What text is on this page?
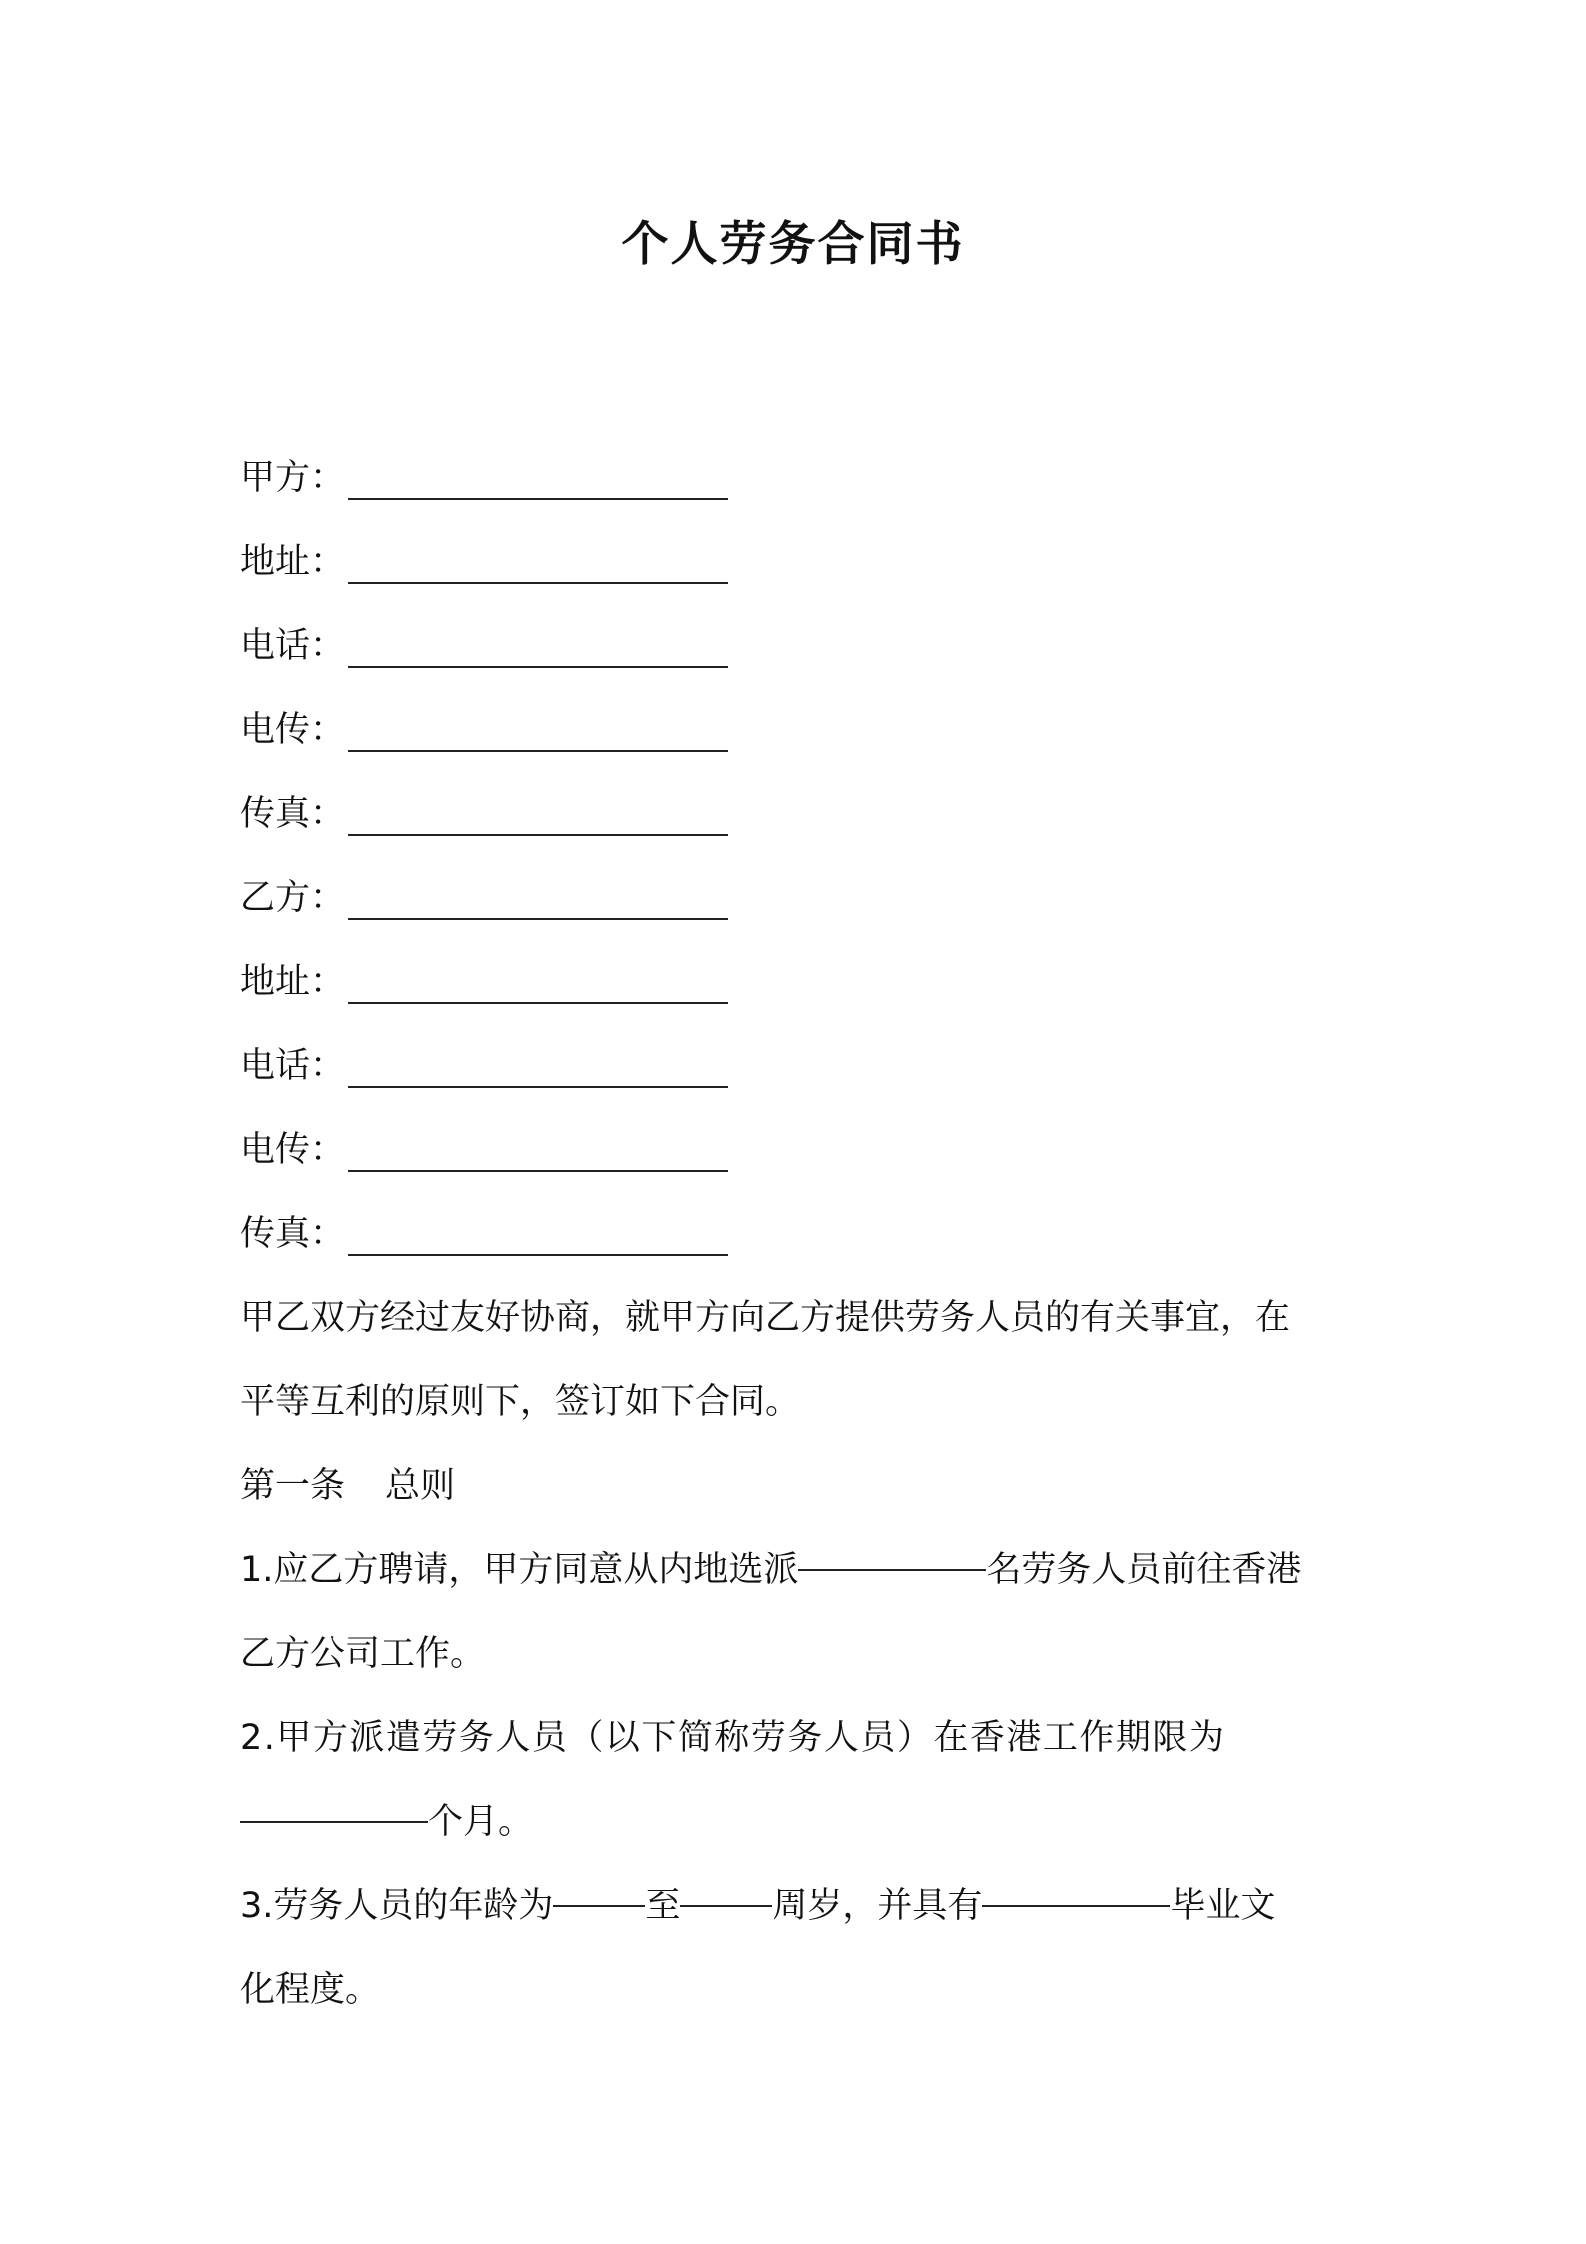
个人劳务合同书
甲方 ：
地址 ：
电话 ：
电传 ：
传真 ：
乙方 ：
地址 ：
电话 ：
电传 ：
传真 ：
甲乙双方经过友好协商，就甲方向乙方提供劳务人员的有关事宜，在
平等互利的原则下，签订如下合同。
第一条 总则
1.应乙方聘请，甲方同意从内地选派	名劳务人员前往香港
乙方公司工作。
2.甲方派遣劳务人员（以下简称劳务人员）在香港工作期限为
个月。
3.劳务人员的年龄为	至	周岁，并具有	毕业文
化程度。
